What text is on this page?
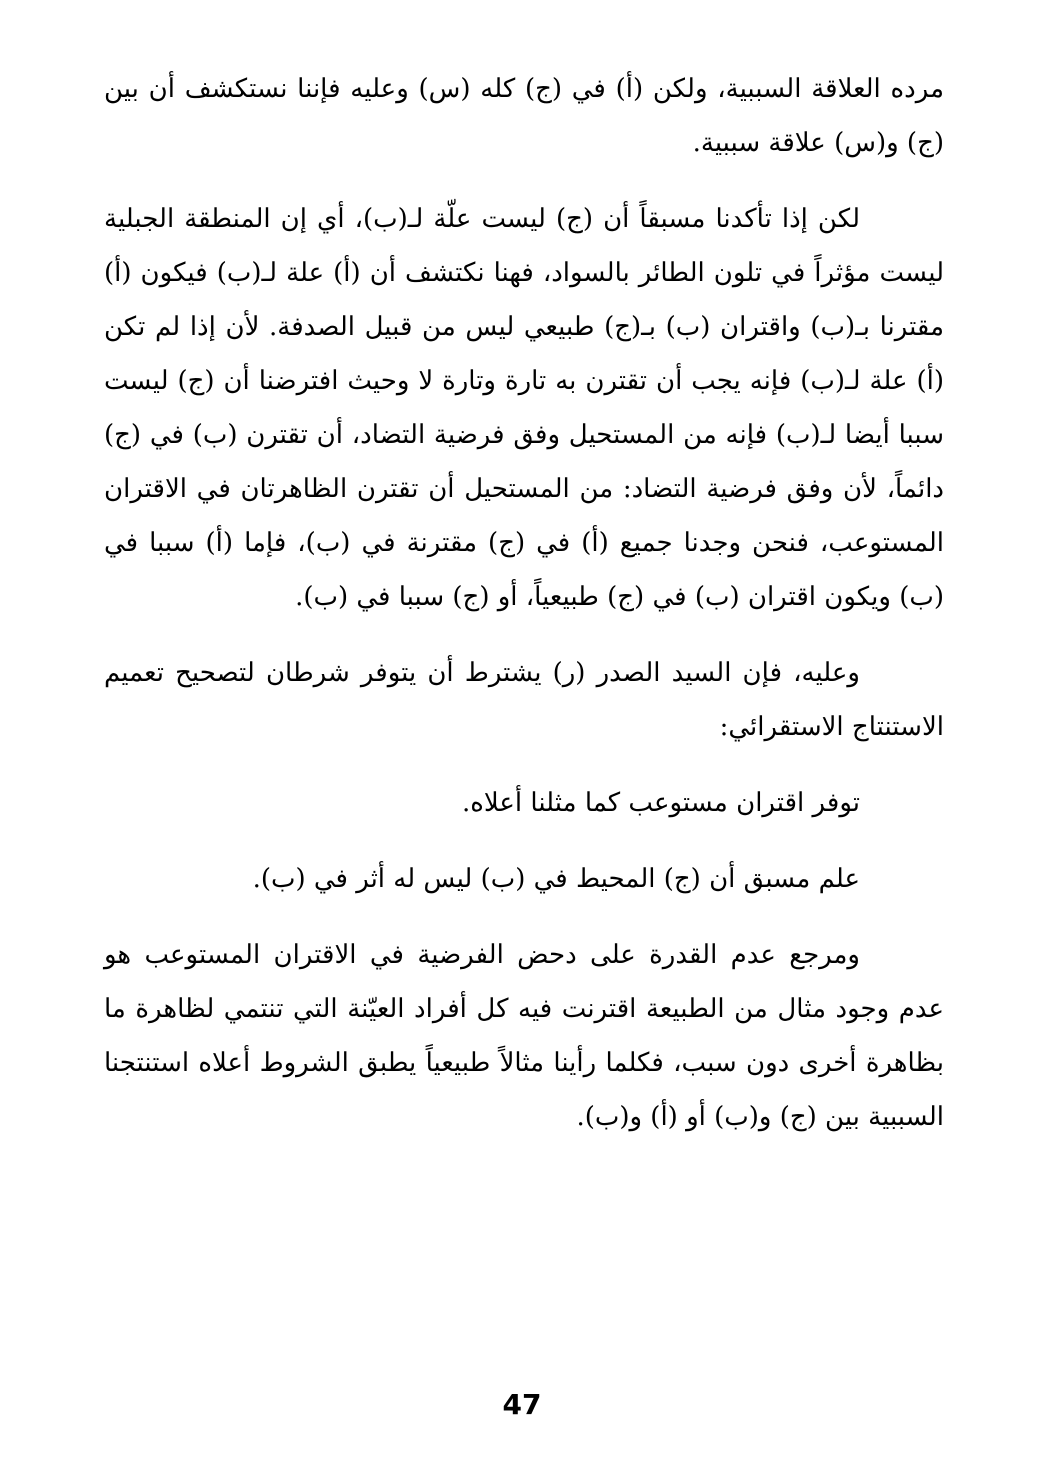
مرده العلاقة السببية، ولكن (أ) في (ج) كله (س) وعليه فإننا نستكشف أن بين (ج) و(س) علاقة سببية.

لكن إذا تأكدنا مسبقاً أن (ج) ليست علّة لـ(ب)، أي إن المنطقة الجبلية ليست مؤثراً في تلون الطائر بالسواد، فهنا نكتشف أن (أ) علة لـ(ب) فيكون (أ) مقترنا بـ(ب) واقتران (ب) بـ(ج) طبيعي ليس من قبيل الصدفة. لأن إذا لم تكن (أ) علة لـ(ب) فإنه يجب أن تقترن به تارة وتارة لا وحيث افترضنا أن (ج) ليست سببا أيضا لـ(ب) فإنه من المستحيل وفق فرضية التضاد، أن تقترن (ب) في (ج) دائماً، لأن وفق فرضية التضاد: من المستحيل أن تقترن الظاهرتان في الاقتران المستوعب، فنحن وجدنا جميع (أ) في (ج) مقترنة في (ب)، فإما (أ) سببا في (ب) ويكون اقتران (ب) في (ج) طبيعياً، أو (ج) سببا في (ب).

وعليه، فإن السيد الصدر (ر) يشترط أن يتوفر شرطان لتصحيح تعميم الاستنتاج الاستقرائي:

توفر اقتران مستوعب كما مثلنا أعلاه.

علم مسبق أن (ج) المحيط في (ب) ليس له أثر في (ب).

ومرجع عدم القدرة على دحض الفرضية في الاقتران المستوعب هو عدم وجود مثال من الطبيعة اقترنت فيه كل أفراد العيّنة التي تنتمي لظاهرة ما بظاهرة أخرى دون سبب، فكلما رأينا مثالاً طبيعياً يطبق الشروط أعلاه استنتجنا السببية بين (ج) و(ب) أو (أ) و(ب).

47
